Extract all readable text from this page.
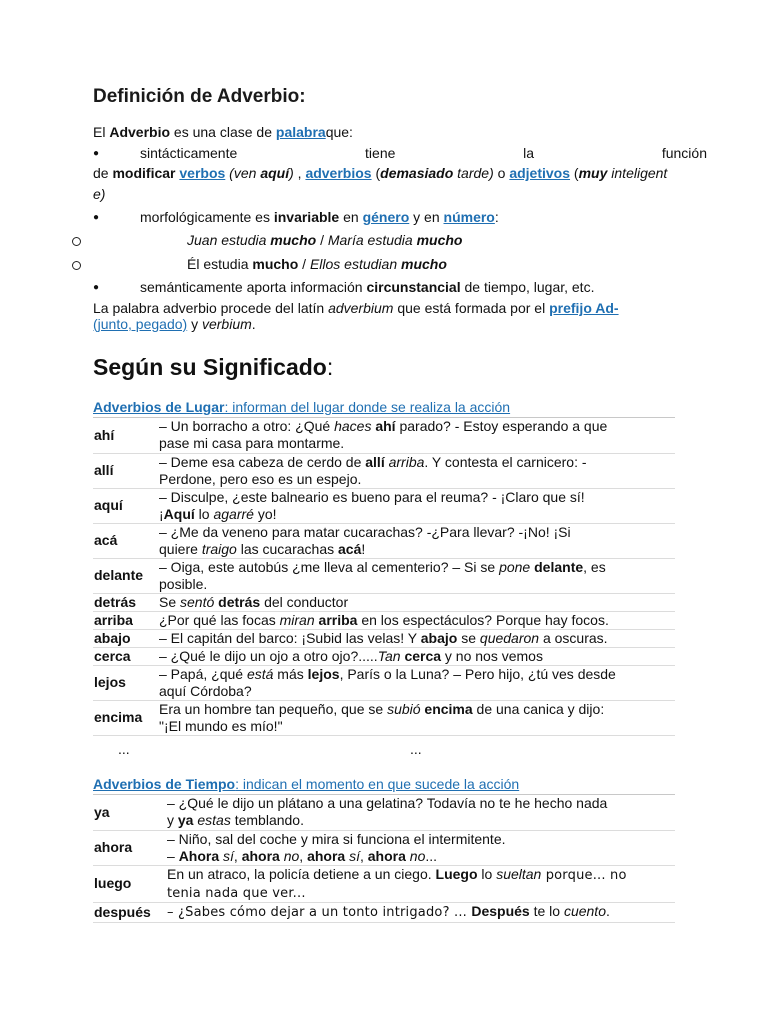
Definición de Adverbio:
El Adverbio es una clase de palabraque:
●	sintácticamente	tiene	la	función
de modificar verbos (ven aquí) , adverbios (demasiado tarde) o adjetivos (muy inteligent
e)
●	morfológicamente es invariable en género y en número:
Juan estudia mucho / María estudia mucho
Él estudia mucho / Ellos estudian mucho
●	semánticamente aporta información circunstancial de tiempo, lugar, etc.
La palabra adverbio procede del latín adverbium que está formada por el prefijo Ad-
(junto, pegado) y verbium.
Según su Significado:
Adverbios de Lugar: informan del lugar donde se realiza la acción
ahí	– Un borracho a otro: ¿Qué haces ahí parado? - Estoy esperando a que
pase mi casa para montarme.
allí	– Deme esa cabeza de cerdo de allí arriba. Y contesta el carnicero: -
Perdone, pero eso es un espejo.
aquí	– Disculpe, ¿este balneario es bueno para el reuma? - ¡Claro que sí!
¡Aquí lo agarré yo!
acá	– ¿Me da veneno para matar cucarachas? -¿Para llevar? -¡No! ¡Si
quiere traigo las cucarachas acá!
delante	– Oiga, este autobús ¿me lleva al cementerio? – Si se pone delante, es
posible.
detrás	Se sentó detrás del conductor
arriba	¿Por qué las focas miran arriba en los espectáculos? Porque hay focos.
abajo	– El capitán del barco: ¡Subid las velas! Y abajo se quedaron a oscuras.
cerca	– ¿Qué le dijo un ojo a otro ojo?.....Tan cerca y no nos vemos
lejos	– Papá, ¿qué está más lejos, París o la Luna? – Pero hijo, ¿tú ves desde
aquí Córdoba?
encima	Era un hombre tan pequeño, que se subió encima de una canica y dijo:
"¡El mundo es mío!"
...	...
Adverbios de Tiempo: indican el momento en que sucede la acción
ya	– ¿Qué le dijo un plátano a una gelatina? Todavía no te he hecho nada
y ya estas temblando.
ahora	– Niño, sal del coche y mira si funciona el intermitente.
– Ahora sí, ahora no, ahora sí, ahora no...
luego	En un atraco, la policía detiene a un ciego. Luego lo sueltan porque... no
tenia nada que ver...
después	– ¿Sabes cómo dejar a un tonto intrigado? ... Después te lo cuento.
